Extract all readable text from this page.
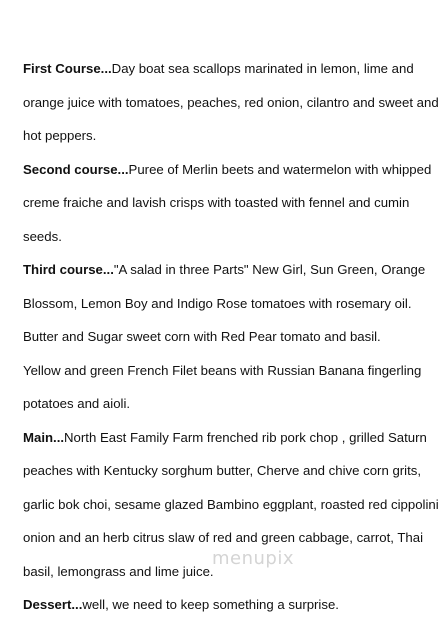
First Course...Day boat sea scallops marinated in lemon, lime and
orange juice with tomatoes, peaches, red onion, cilantro and sweet and
hot peppers.
Second course...Puree of Merlin beets and watermelon with whipped
creme fraiche and lavish crisps with toasted with fennel and cumin
seeds.
Third course..."A salad in three Parts" New Girl, Sun Green, Orange
Blossom, Lemon Boy and Indigo Rose tomatoes with rosemary oil.
Butter and Sugar sweet corn with Red Pear tomato and basil.
Yellow and green French Filet beans with Russian Banana fingerling
potatoes and aioli.
Main...North East Family Farm frenched rib pork chop , grilled Saturn
peaches with Kentucky sorghum butter, Cherve and chive corn grits,
garlic bok choi, sesame glazed Bambino eggplant, roasted red cippolini
onion and an herb citrus slaw of red and green cabbage, carrot, Thai
basil, lemongrass and lime juice.
Dessert...well, we need to keep something a surprise.
menupix
